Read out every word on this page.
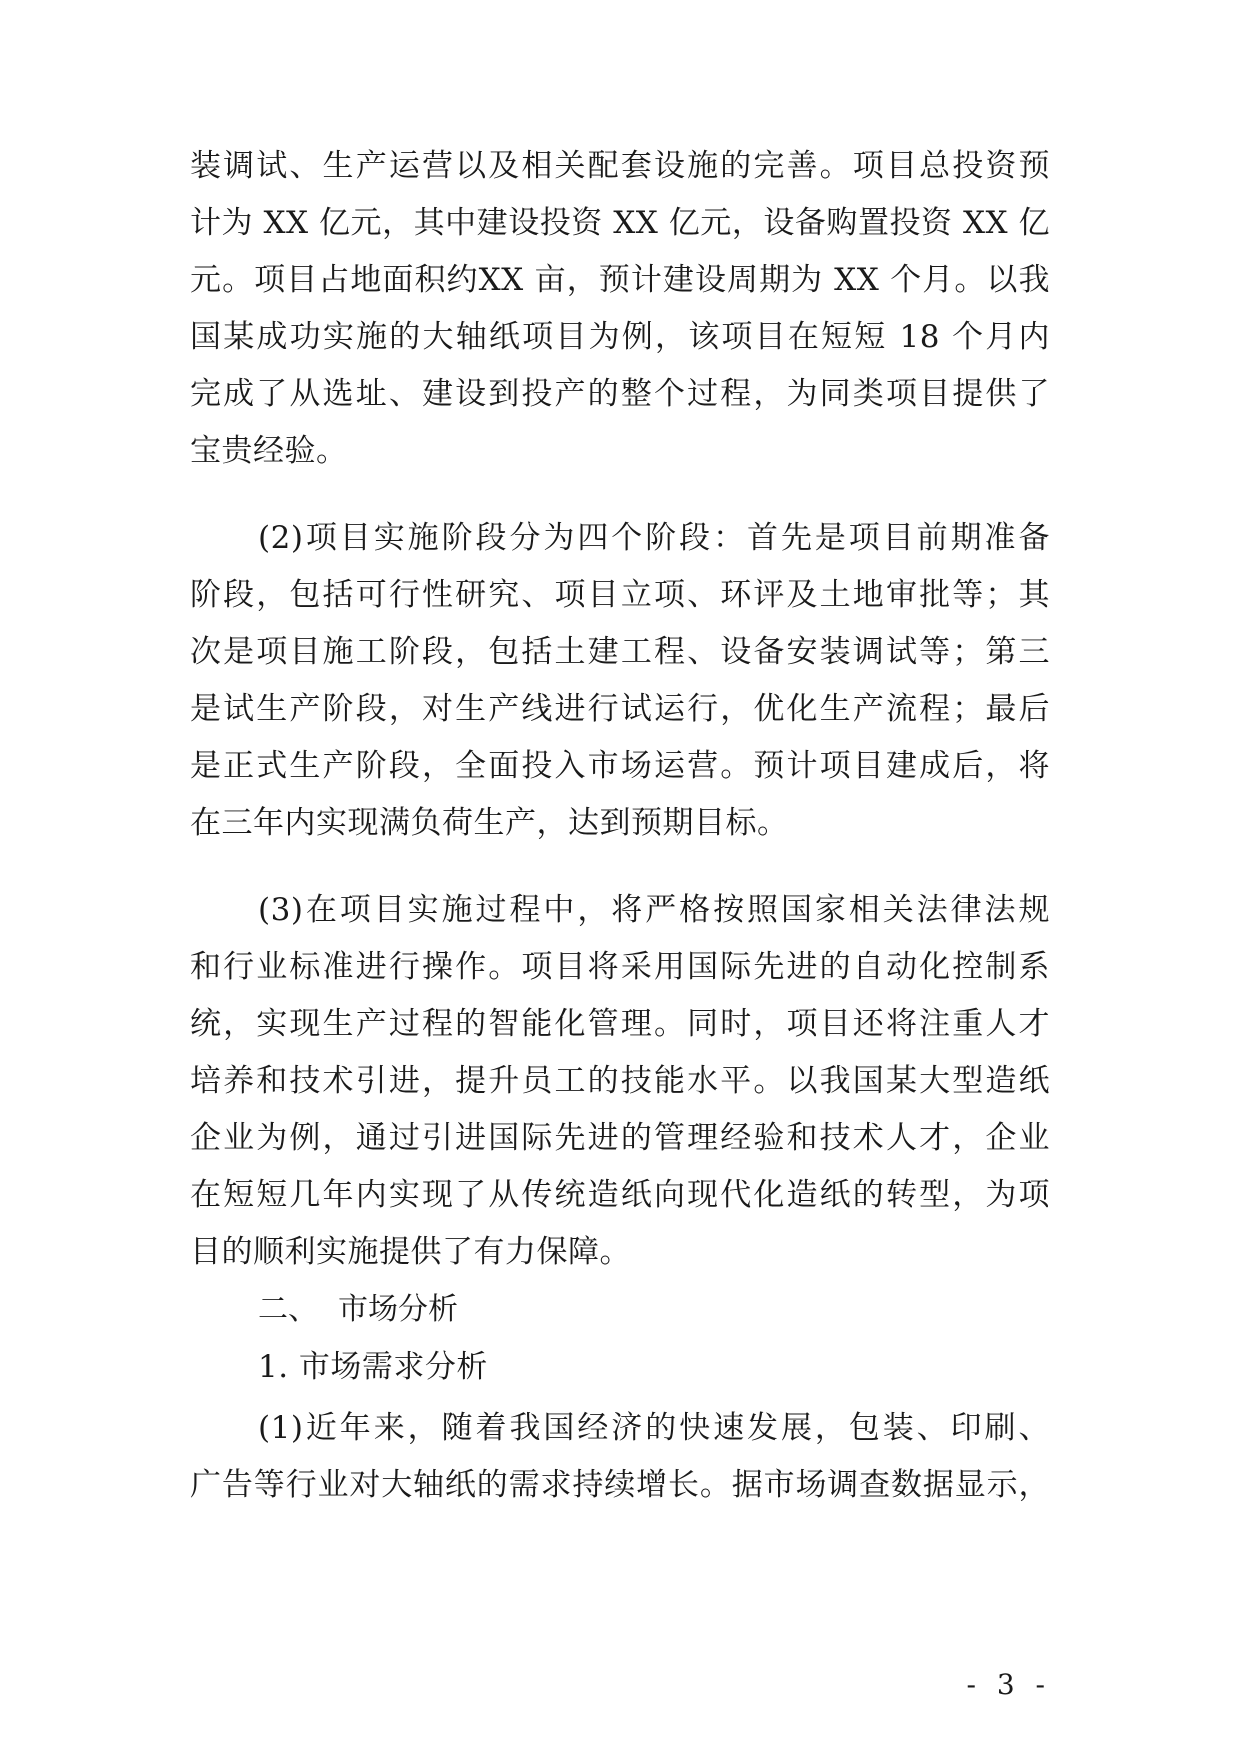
装调试、生产运营以及相关配套设施的完善。项目总投资预
计为 XX 亿元，其中建设投资 XX 亿元，设备购置投资 XX 亿
元。项目占地面积约XX 亩，预计建设周期为 XX 个月。以我
国某成功实施的大轴纸项目为例，该项目在短短 18 个月内
完成了从选址、建设到投产的整个过程，为同类项目提供了
宝贵经验。
(2)项目实施阶段分为四个阶段：首先是项目前期准备
阶段，包括可行性研究、项目立项、环评及土地审批等；其
次是项目施工阶段，包括土建工程、设备安装调试等；第三
是试生产阶段，对生产线进行试运行，优化生产流程；最后
是正式生产阶段，全面投入市场运营。预计项目建成后，将
在三年内实现满负荷生产，达到预期目标。
(3)在项目实施过程中，将严格按照国家相关法律法规
和行业标准进行操作。项目将采用国际先进的自动化控制系
统，实现生产过程的智能化管理。同时，项目还将注重人才
培养和技术引进，提升员工的技能水平。以我国某大型造纸
企业为例，通过引进国际先进的管理经验和技术人才，企业
在短短几年内实现了从传统造纸向现代化造纸的转型，为项
目的顺利实施提供了有力保障。
二、 市场分析
1. 市场需求分析
(1)近年来，随着我国经济的快速发展，包装、印刷、
广告等行业对大轴纸的需求持续增长。据市场调查数据显示，
- 3 -
